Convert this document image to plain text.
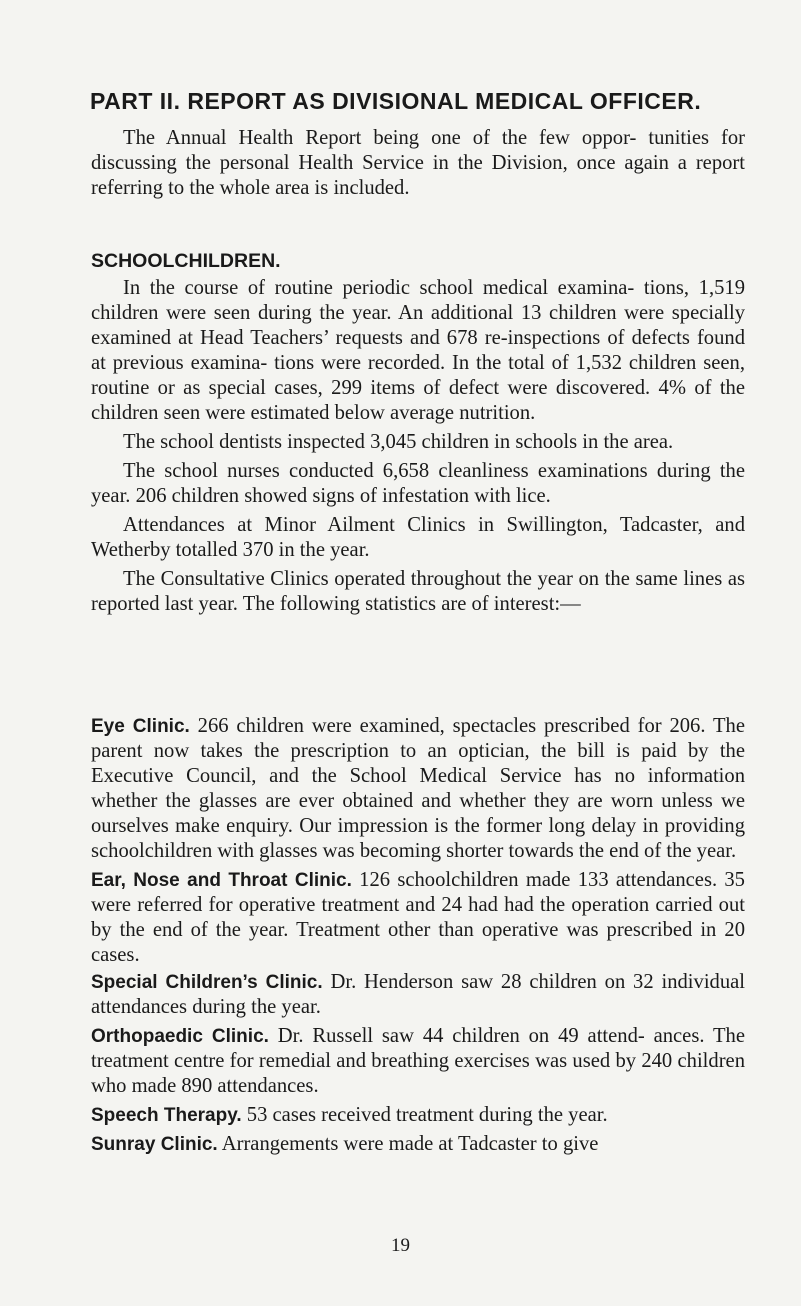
PART II. REPORT AS DIVISIONAL MEDICAL OFFICER.

The Annual Health Report being one of the few oppor- tunities for discussing the personal Health Service in the Division, once again a report referring to the whole area is included.

SCHOOLCHILDREN.

In the course of routine periodic school medical examina- tions, 1,519 children were seen during the year. An additional 13 children were specially examined at Head Teachers’ requests and 678 re-inspections of defects found at previous examina- tions were recorded. In the total of 1,532 children seen, routine or as special cases, 299 items of defect were discovered. 4% of the children seen were estimated below average nutrition.

The school dentists inspected 3,045 children in schools in the area.

The school nurses conducted 6,658 cleanliness examinations during the year. 206 children showed signs of infestation with lice.

Attendances at Minor Ailment Clinics in Swillington, Tadcaster, and Wetherby totalled 370 in the year.

The Consultative Clinics operated throughout the year on the same lines as reported last year. The following statistics are of interest:—

Eye Clinic. 266 children were examined, spectacles prescribed for 206. The parent now takes the prescription to an optician, the bill is paid by the Executive Council, and the School Medical Service has no information whether the glasses are ever obtained and whether they are worn unless we ourselves make enquiry. Our impression is the former long delay in providing schoolchildren with glasses was becoming shorter towards the end of the year.

Ear, Nose and Throat Clinic. 126 schoolchildren made 133 attendances. 35 were referred for operative treatment and 24 had had the operation carried out by the end of the year. Treatment other than operative was prescribed in 20 cases.

Special Children’s Clinic. Dr. Henderson saw 28 children on 32 individual attendances during the year.

Orthopaedic Clinic. Dr. Russell saw 44 children on 49 attend- ances. The treatment centre for remedial and breathing exercises was used by 240 children who made 890 attendances.

Speech Therapy. 53 cases received treatment during the year.

Sunray Clinic. Arrangements were made at Tadcaster to give

19
